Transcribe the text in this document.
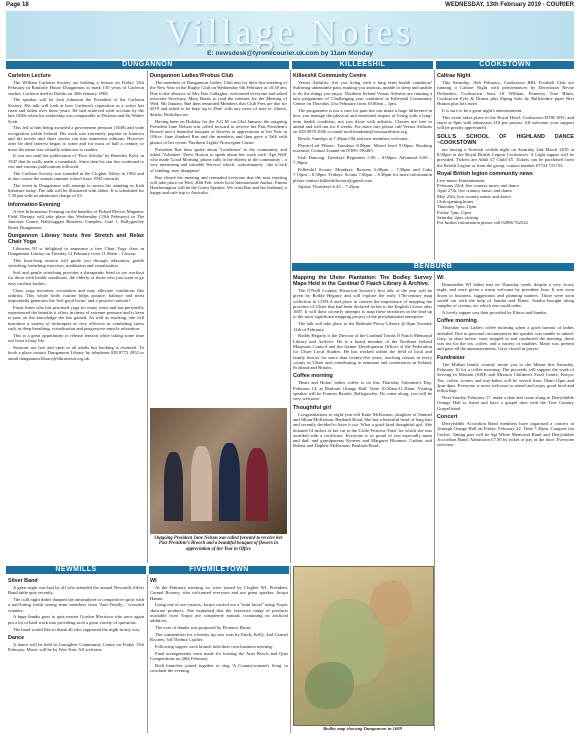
Page 18	WEDNESDAY, 13th February 2019 - COURIER
Village Notes
E: newsdesk@tyronecourier.uk.com by 11am Monday
DUNGANNON	KILLEESHIL	COOKSTOWN
Carleton Lecture

The William Carleton Society are holding a lecture on Friday 15th February in Ranfurly House Dungannon to mark 150 years of Carleton studies. Carleton died in Dublin on 30th January 1869.

The speaker will be Jack Johnston the President of the Carleton Society. His talk will look at how Carleton's reputation as a writer has risen and fallen over these years. He had achieved wide acclaim by the late 1840s when his readership was comparable to Dickens and Sir Walter Scott.

This led to him being awarded a government pension (1848) and wide recognition within Ireland. His work was extremely popular in America and his novels and short stories ran into numerous editions. However after he died interest began to wane and for most of half a century or more his name was virtually unknown to readers.

It was not until the publication of 'Poor Scholar' by Benedict Kiely in 1947 that he really made a comeback. Since then his star has continued to rise and various publications followed.

The Carleton Society was founded in the Clogher Valley in 1982 and in due course the annual summer school from 1992 onwards.

The event in Dungannon will attempt to assess his standing in Irish literature today. The talk will be illustrated with slides. It is scheduled for 7.30 pm with an admission charge of £3.

Information Evening

A free Information Evening on the benefits of Pulsed Electro Magnetic Field Therapy will take place this Wednesday (13th February) in The Junction Centre, Ballysaggart Business Complex, Gate 1, Ballygawley Road, Dungannon.

Dungannon Library hosts free Stretch and Relax Chair Yoga

Libraries NI is delighted to announce a free Chair Yoga class in Dungannon Library on Tuesday 12 February from 11.00am – 12noon.

This hour-long session will guide you through relaxation, gentle stretching, breathing exercises, meditation and visualisation.

Soft and gentle stretching provides a therapeutic head to toe workout for those with health conditions, the elderly or those who just want to go easy on their bodies.

Chair yoga increases circulation and may alleviate conditions like arthritis. This whole body routine helps posture, balance and most importantly generates the 'feel good factor' and a positive outlook!

Fiona Jones who has practised yoga for many years and has personally experienced the benefits it offers in times of extreme pressure and is keen to pass on the knowledge she has gained. As well as teaching, she will introduce a variety of techniques as very effective in combating stress such as deep breathing, visualisation and progressive muscle relaxation.

This is a great opportunity to release tension while taking some time out from a busy life.

Sessions are free and open to all adults but booking is essential. To book a place contact Dungannon Library by telephone 028 8772 2952 or email dungannon.library@librariesni.org.uk.

Dungannon Ladies'/Probus Club

The members of Dungannon Ladies' Club met for their first meeting of the New Year in the Rugby Club on Wednesday 6th February at 10.30 am. Due to the absence of Mrs Rae Gallagher, welcomed everyone and asked associate Secretary, Mary Burns to read the minutes for the Meeting of Wed. 9th January. Rae then reminded Members that Club Fees are due for 2019 and asked to be kept 'up to Date' with any news of note ie. illness, deaths, Birthdays etc.

Having been on Holiday for the A.G.M. on 23rd January, the outgoing President June Nelson was called forward to receive her Past President's Brooch and a beautiful bouquet of flowers in appreciation of her Year in Office. June thanked Rae and the members and then gave a Talk with photos of her recent 'Northern Lights' Norwegian Cruise.

President Rae then spoke about 'Loneliness' in the community and asked 'Volunteer' Drew Horton to speak about her work with 'Age Well' who made 'Good Morning' phone calls to the elderly in the community – a very interesting and valuable 'Service' which , unfortunately , she is lack of funding, may disappear!

Rae closed the meeting and reminded everyone that the next meeting will take place on Wed. 20th Feb. when local International Author, Emma Heatherington will be the Guest Speaker. We wish Rae and her husband, a happy and safe trip to Australia.

Outgoing President June Nelson was called forward to receive her Past President's Brooch and a beautiful bouquet of flowers in appreciation of her Year in Office
Killeeshil Community Centre

Versus Arthritis: Are you living with a long term health condition? Suffering unbearable pain, making you anxious, unable to sleep and unable to do the things you enjoy. Northern Ireland Versus Arthritis are running a new programme of 'Challenging your condition' in Killeeshil Community Centre on Thursday 21st February from 10.00am – 1pm.

The programme is not a cure for pain but can make a huge difference in how you manage the physical and emotional impact of living with a long-term health condition, not just those with arthritis. Classes are free to attend and will run for 6 weeks. For more info please call Versus Arthritis on 028 9078 2940 or email niofficeadmin@versusarthritis.org.

Bowls: Sundays at 7.30pm Old and new members welcome.

Physio-Led Pilates: Tuesdays 8.00pm. Mixed level 9.00pm. Booking essential. Contact Joanne on 07895 196485.

Irish Dancing: Tuesdays Beginners 5.00 – 6.00pm. Advanced 6.00 – 7.30pm.

Killeeshil Scouts: Mondays: Beavers 6.00pm – 7.00pm and Cubs 7.15pm – 8.30pm. Fridays: Scouts 7.00pm – 8.30pm for more information please contact killeeshilscouts@gmail.com

Jujitsu: Thursdays 6.45 – 7.45pm

Caltrae Night

This Saturday, 16th February, Cookstown RBL Football Club are running a Caltrae Night with performances by Derryloran Revue Defenders, Cookstown Sons Of William, Pomeroy True Blues, Cookstown Fyfe & Drums plus Piping Solo by Ballyholme piper Bert Hutton plus lots more.

It is sure to be a great night's entertainment.

This event takes place in the Royal Hotel, Cookstown BT80 8NG and starts at 8pm with admission £10 per person. All welcome your support will be greatly appreciated.

SOLL'S SCHOOL OF HIGHLAND DANCE ~COOKSTOWN

are having a Scottish ceilidh night on Saturday 2nd March 2019 at 8.00pm in the Royal British Legion Cookstown. A Light supper will be provided. Tickets are Adult £7 Child £5. Tickets can be purchased from the British Legion or from the group, contact number 07724 721753.

Royal British legion community news

Live music Entertainment
February 23rd, live country music and dance
April 27th, live country music and dance
May 25th, live country music and dance
Club opening hours
Thursday 7pm–11pm
Friday 7pm–11pm
Saturday 2pm–closing
For further information please call 02886 762524

BENBURB
Mapping the Ulster Plantation: The Bodley Survey Maps Held in the Cardinal Ó Fiaich Library & Archive.

The O'Neill Country Historical Society's first talk of the year will be given by Roddy Hegarty and will explore the early 17th-century map collection in COFLA and place in context the importance of mapping the province of Ulster that had been declared forfeit to the English Crown after 1607. It will draw on early attempts to map these territories in the lead up to the most significant mapping project of the pre-plantation enterprise.

The talk will take place in the Benburb Priory Library @ 8pm Tuesday 12th of February.

Roddy Hegarty is the Director of the Cardinal Tomás Ó Fiaich Memorial Library and Archive. He is a board member of the Northern Ireland Museums Council and the former Development Officer of the Federation for Ulster Local Studies. He has worked within the field of local and family history for more than twenty-five years, teaching classes in every county in Ulster and contributing to seminars and conferences in Ireland, Scotland and Britain.

Coffee morning

'Heart and Home' ladies coffee is on this Thursday Valentine's Day, February 14, at Benburb Orange Hall. Time 10.30am-11.30am. Visiting speaker will be Frances Beattie, Ballygawley. Do come along, you will be very welcome.

Thoughtful girl

Congratulations to eight-year-old Katie McKernan, daughter of Samuel and Jillian McKernan, Benburb Road. She has a beautiful head of long hair and recently decided to have it cut. What a good kind thoughtful girl. She donated 14 inches of her cut to the 'Little Princess Trust' for which she was awarded with a certificate. Everyone is so proud of you especially mum and dad, and grandparents Kenven and Margaret Bloomer, Cadian, and Robert and Daphne McKernan, Benburb Road.

WI

Drumsallen WI ladies met on Thursday week, despite a very frosty night, and were given a warm welcome by president Jean. It was soon down to business, suggestions and planning matters. Those were soon sorted out with the help of Sandra and Elinor. Sandra brought along samples of creams, etc which one could order.

A lovely supper was then provided by Elinor and Sandra.

Coffee morning

Thursday was Ladies coffee morning when a good turnout of ladies attended. Due to personal circumstances the speaker was unable to attend. Gary, at short notice, soon stepped in and conducted the meeting, these was tea for the tea, coffee, and a variety of eatables. Many was present and gave all the announcements. Gaye closed in prayer.

Fundraiser

The Mullan family warmly invite you to the Manse this Saturday, February 16 for a coffee morning. The proceeds will support the work of Serving in Mission (SIM) and Mission Children's Food Centre, Kenya. Tea, coffee, scones and tray-bakes will be served from 10am-12pm and 2pm-4pm. Everyone is most welcome to attend and enjoy good food and fellowship.

Next Sunday, February 17, make a date and come along to Derryfubble Orange Hall to listen and have a gospel time with the True Country Gospel band.

Concert

Derryfubble Accordion Band members have organised a concert in Armagh Orange Hall on Friday, February 22. Time 7.45pm. Campsie fan Cachet. Taking part will be Sgt White Memorial Band and Derryfubble Accordion Band. Admission £7.50 by ticket or pay at the door. Everyone welcome.

NEWMILLS	FIVEMILETOWN
Silver Band

A great night was had by all who attended the annual Newmills Silver Band table quiz recently.

The cold night didn't dampen the atmosphere or competitive spirit with a nail-biting finish seeing team members from 'And Finally...' crowned winners.

A huge thanks goes to quiz master Gordon Morrison who once again put a lot of hard work into providing such a great variety of questions.

The band would like to thank all who supported the night in any way.

Dance

A dance will be held in Lisnagleer Community Centre on Friday 15th February. Music will be by Wee Tom. All welcome

WI

At the February meeting we were joined by Clogher WI. President, Carmel Rooney, who welcomed everyone and our guest speaker, Jacqui Hanna.

Using one of our visitors, Jacqui carried out a "mini facial" using Tropic skincare products. She explained that the extensive range of products available from Tropic are completely natural, containing no artificial additives.

The vote of thanks was proposed by Florence Brunt.

The competition for a beauty tip was won by Emily Kelly, 2nd Carmel Rooney, 3rd Thelma Coulter.

Following supper, each branch held their own business meeting.

Final arrangements were made for hosting the Area Bowls and Quiz Competitions on 28th February.

Both branches joined together to sing 'A Countrywoman's Song' to conclude the evening.

Bodley map showing Dungannon in 1609
